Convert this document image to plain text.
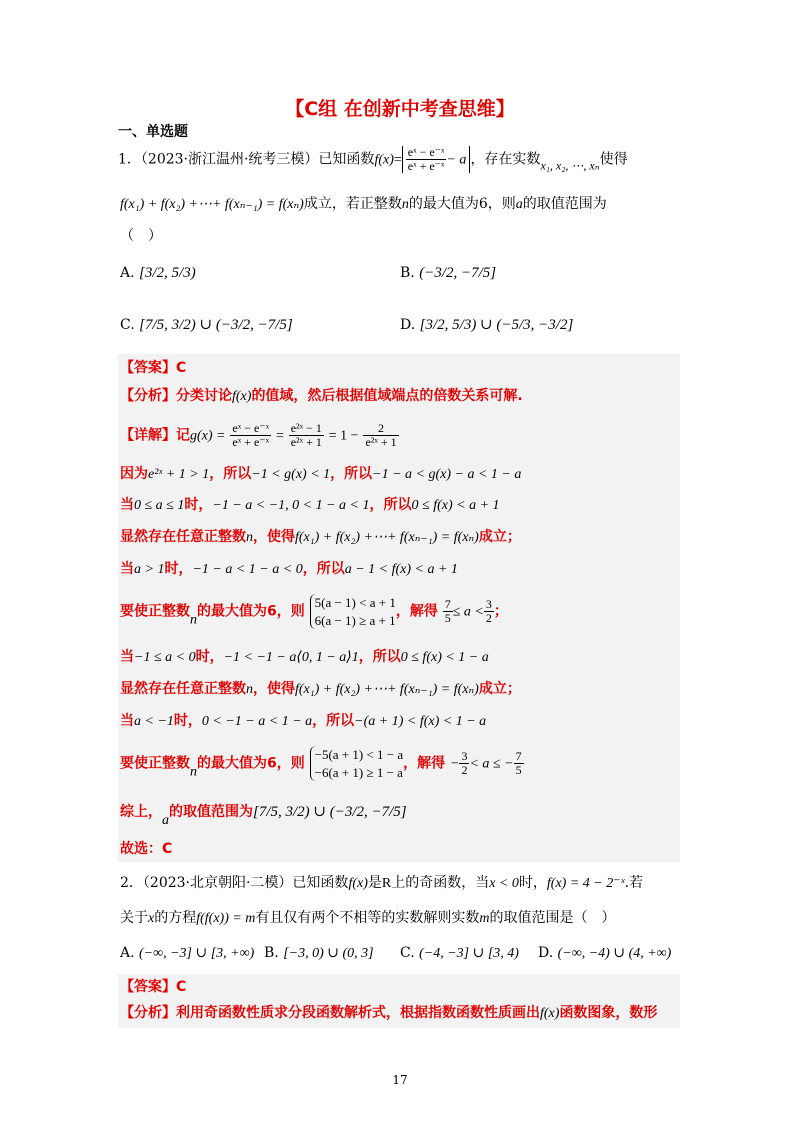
【C组 在创新中考查思维】
一、单选题
1．（2023·浙江温州·统考三模）已知函数$f(x)= \frac{\text{eˣ − e⁻ˣ}}{\text{eˣ + e⁻ˣ}} - a$ ，存在实数x₁, x₂, ⋯, xₙ使得
f(x₁) + f(x₂) +⋯+ f(xₙ₋₁) = f(xₙ)成立，若正整数n的最大值为6，则a的取值范围为
（　）
A. [3/2, 5/3)	B. (−3/2, −7/5]
C. [7/5, 3/2) ∪ (−3/2, −7/5]	D. [3/2, 5/3) ∪ (−5/3, −3/2]
【答案】C
【分析】分类讨论f(x)的值域，然后根据值域端点的倍数关系可解.
【详解】记$g(x) = \frac{\text{eˣ − e⁻ˣ}}{\text{eˣ + e⁻ˣ}} = \frac{\text{e²ˣ − 1}}{\text{e²ˣ + 1}} = 1 - \frac{2}{\text{e²ˣ + 1}}$
因为e²ˣ + 1 > 1，所以−1 < g(x) < 1，所以−1 − a < g(x) − a < 1 − a
当0 ≤ a ≤ 1时，−1 − a < −1, 0 < 1 − a < 1，所以0 ≤ f(x) < a + 1
显然存在任意正整数n，使得f(x₁) + f(x₂) +⋯+ f(xₙ₋₁) = f(xₙ)成立；
当a > 1时，−1 − a < 1 − a < 0，所以a − 1 < f(x) < a + 1
要使正整数n的最大值为6，则
5(a − 1) < a + 1
6(a − 1) ≥ a + 1
，解得 $\frac{7}{5} \le a < \frac{3}{2}$ ；
当−1 ≤ a < 0时，−1 < −1 − a⟨0, 1 − a⟩1，所以0 ≤ f(x) < 1 − a
显然存在任意正整数n，使得f(x₁) + f(x₂) +⋯+ f(xₙ₋₁) = f(xₙ)成立；
当a < −1时，0 < −1 − a < 1 − a，所以−(a + 1) < f(x) < 1 − a
要使正整数n的最大值为6，则
−5(a + 1) < 1 − a
−6(a + 1) ≥ 1 − a
，解得 − $\frac{3}{2} < a$ ≤ − $\frac{7}{5}$
综上，a的取值范围为[7/5, 3/2) ∪ (−3/2, −7/5]
故选：C
2．（2023·北京朝阳·二模）已知函数f(x)是R上的奇函数，当x < 0时，f(x) = 4 − 2⁻ˣ.若
关于x的方程f(f(x)) = m有且仅有两个不相等的实数解则实数m的取值范围是（　）
A. (−∞, −3] ∪ [3, +∞) B. [−3, 0) ∪ (0, 3] C. (−4, −3] ∪ [3, 4) D. (−∞, −4) ∪ (4, +∞)
【答案】C
【分析】利用奇函数性质求分段函数解析式，根据指数函数性质画出f(x)函数图象，数形
17
